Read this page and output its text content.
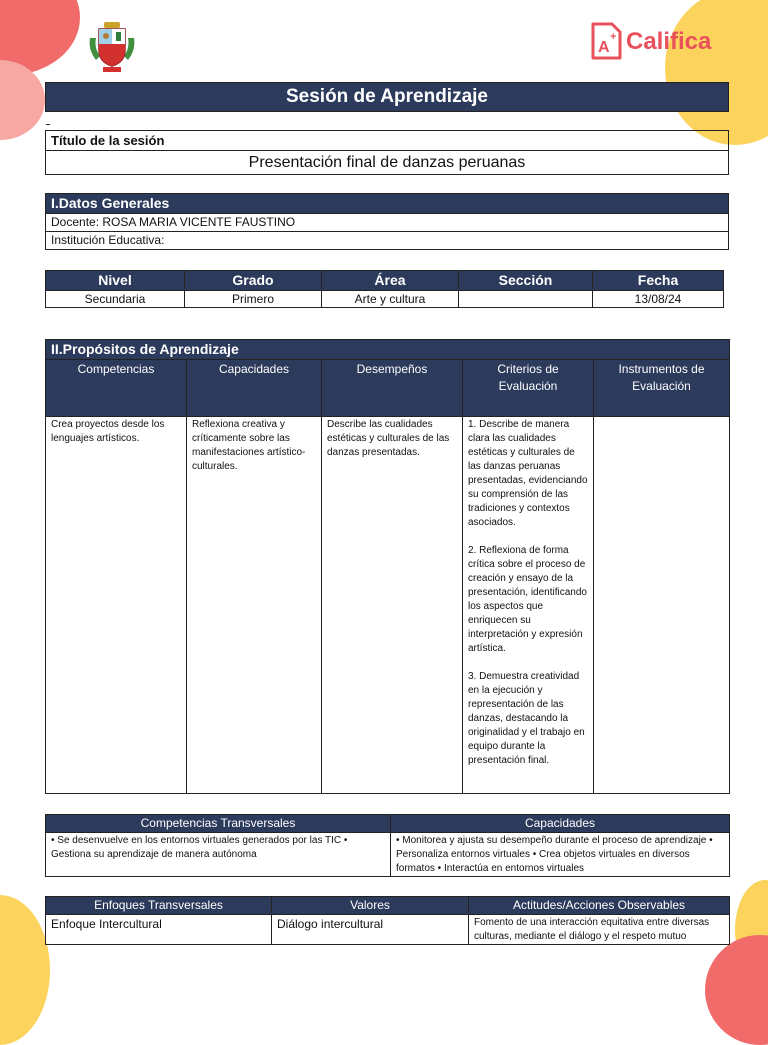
A
+ Califica
Sesión de Aprendizaje
Título de la sesión
Presentación final de danzas peruanas
I.Datos Generales
Docente: ROSA MARIA VICENTE FAUSTINO
Institución Educativa:
Nivel	Grado	Área	Sección	Fecha
Secundaria	Primero	Arte y cultura		13/08/24
II.Propósitos de Aprendizaje				
Competencias	Capacidades	Desempeños	Criterios de Evaluación	Instrumentos de Evaluación
Crea proyectos desde los lenguajes artísticos.	Reflexiona creativa y críticamente sobre las manifestaciones artístico-culturales.	Describe las cualidades estéticas y culturales de las danzas presentadas.	1. Describe de manera clara las cualidades estéticas y culturales de las danzas peruanas presentadas, evidenciando su comprensión de las tradiciones y contextos asociados.
2. Reflexiona de forma crítica sobre el proceso de creación y ensayo de la presentación, identificando los aspectos que enriquecen su interpretación y expresión artística.
3. Demuestra creatividad en la ejecución y representación de las danzas, destacando la originalidad y el trabajo en equipo durante la presentación final.	

Competencias Transversales	Capacidades
• Se desenvuelve en los entornos virtuales generados por las TIC • Gestiona su aprendizaje de manera autónoma	• Monitorea y ajusta su desempeño durante el proceso de aprendizaje • Personaliza entornos virtuales • Crea objetos virtuales en diversos formatos • Interactúa en entornos virtuales
Enfoques Transversales	Valores	Actitudes/Acciones Observables
Enfoque Intercultural	Diálogo intercultural	Fomento de una interacción equitativa entre diversas culturas, mediante el diálogo y el respeto mutuo
